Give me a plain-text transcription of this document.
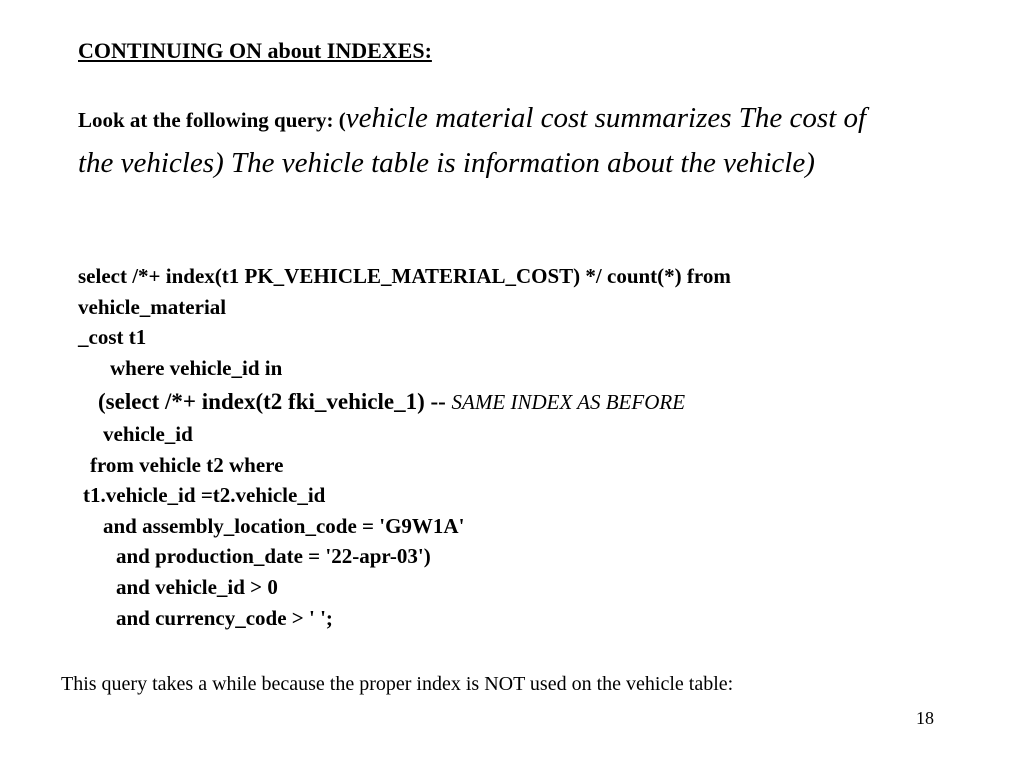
CONTINUING ON about INDEXES:
Look at the following query: (vehicle material cost summarizes The cost of the vehicles) The vehicle table is information about the vehicle)
select /*+ index(t1 PK_VEHICLE_MATERIAL_COST) */ count(*) from
vehicle_material
_cost t1
where vehicle_id in
(select /*+ index(t2 fki_vehicle_1) -- SAME INDEX AS BEFORE
vehicle_id
from vehicle t2 where
t1.vehicle_id =t2.vehicle_id
and assembly_location_code = 'G9W1A'
and production_date = '22-apr-03')
and vehicle_id > 0
and currency_code > ' ';
This query takes a while because the proper index is NOT used on the vehicle table:
18
